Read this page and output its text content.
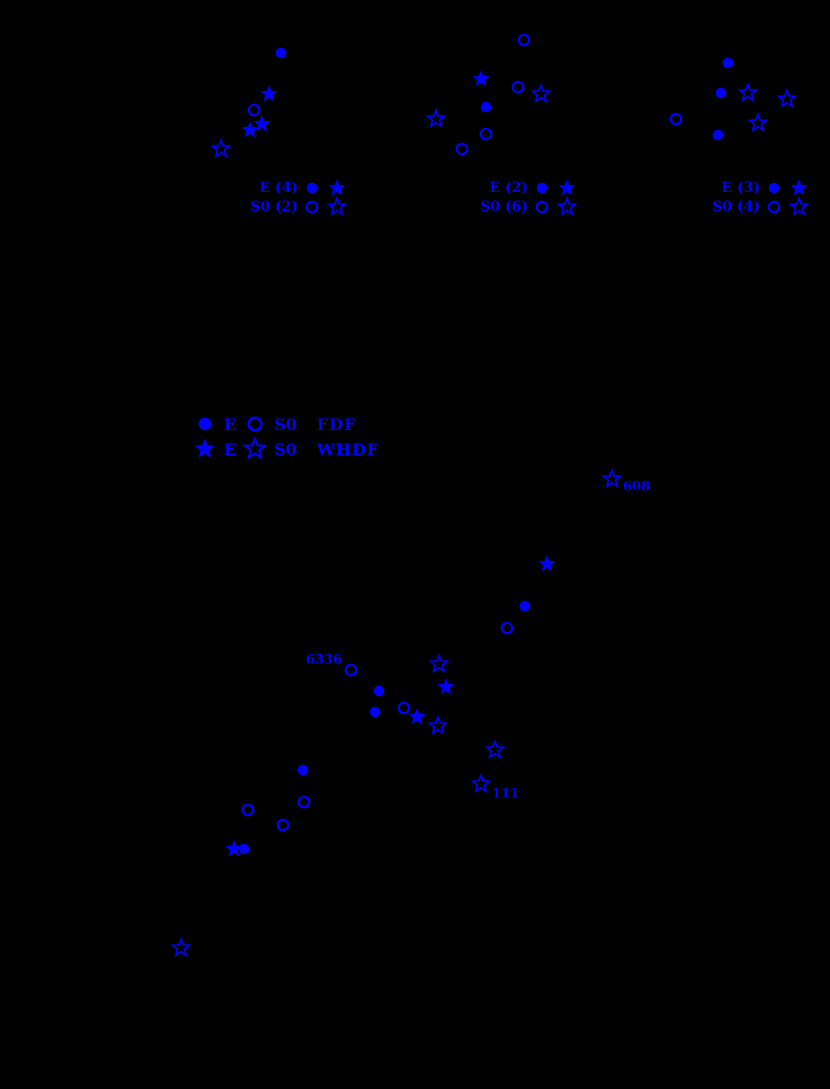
E (4)
S0 (2)
E (2)
S0 (6)
E (3)
S0 (4)
E S0 FDF
E S0 WHDF
608
6336
111
